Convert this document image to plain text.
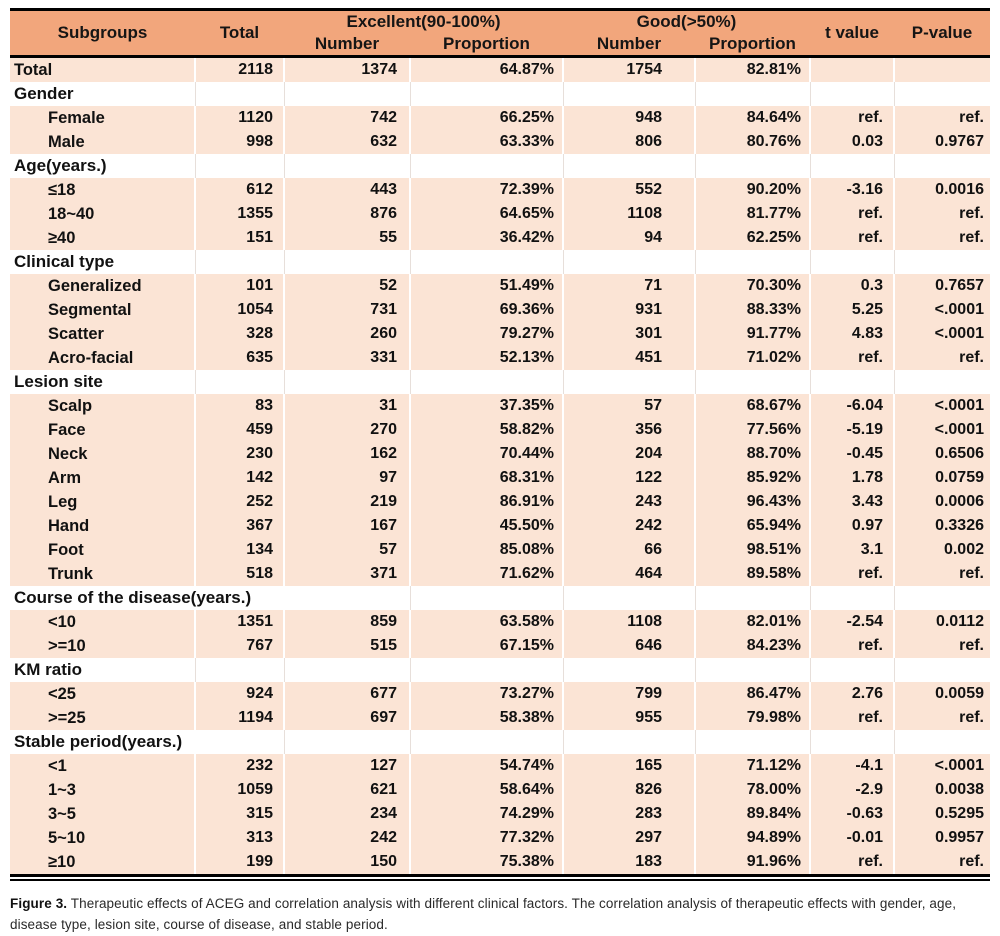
Subgroups	Total	Excellent(90-100%)		Good(>50%)		t value	P-value
		Number	Proportion	Number	Proportion		
Total	2118	1374	64.87%	1754	82.81%		
Gender							
Female	1120	742	66.25%	948	84.64%	ref.	ref.
Male	998	632	63.33%	806	80.76%	0.03	0.9767
Age(years.)							
≤18	612	443	72.39%	552	90.20%	-3.16	0.0016
18~40	1355	876	64.65%	1108	81.77%	ref.	ref.
≥40	151	55	36.42%	94	62.25%	ref.	ref.
Clinical type							
Generalized	101	52	51.49%	71	70.30%	0.3	0.7657
Segmental	1054	731	69.36%	931	88.33%	5.25	<.0001
Scatter	328	260	79.27%	301	91.77%	4.83	<.0001
Acro-facial	635	331	52.13%	451	71.02%	ref.	ref.
Lesion site							
Scalp	83	31	37.35%	57	68.67%	-6.04	<.0001
Face	459	270	58.82%	356	77.56%	-5.19	<.0001
Neck	230	162	70.44%	204	88.70%	-0.45	0.6506
Arm	142	97	68.31%	122	85.92%	1.78	0.0759
Leg	252	219	86.91%	243	96.43%	3.43	0.0006
Hand	367	167	45.50%	242	65.94%	0.97	0.3326
Foot	134	57	85.08%	66	98.51%	3.1	0.002
Trunk	518	371	71.62%	464	89.58%	ref.	ref.
Course of the disease(years.)							
<10	1351	859	63.58%	1108	82.01%	-2.54	0.0112
>=10	767	515	67.15%	646	84.23%	ref.	ref.
KM ratio							
<25	924	677	73.27%	799	86.47%	2.76	0.0059
>=25	1194	697	58.38%	955	79.98%	ref.	ref.
Stable period(years.)							
<1	232	127	54.74%	165	71.12%	-4.1	<.0001
1~3	1059	621	58.64%	826	78.00%	-2.9	0.0038
3~5	315	234	74.29%	283	89.84%	-0.63	0.5295
5~10	313	242	77.32%	297	94.89%	-0.01	0.9957
≥10	199	150	75.38%	183	91.96%	ref.	ref.

Figure 3. Therapeutic effects of ACEG and correlation analysis with different clinical factors. The correlation analysis of therapeutic effects with gender, age, disease type, lesion site, course of disease, and stable period.
